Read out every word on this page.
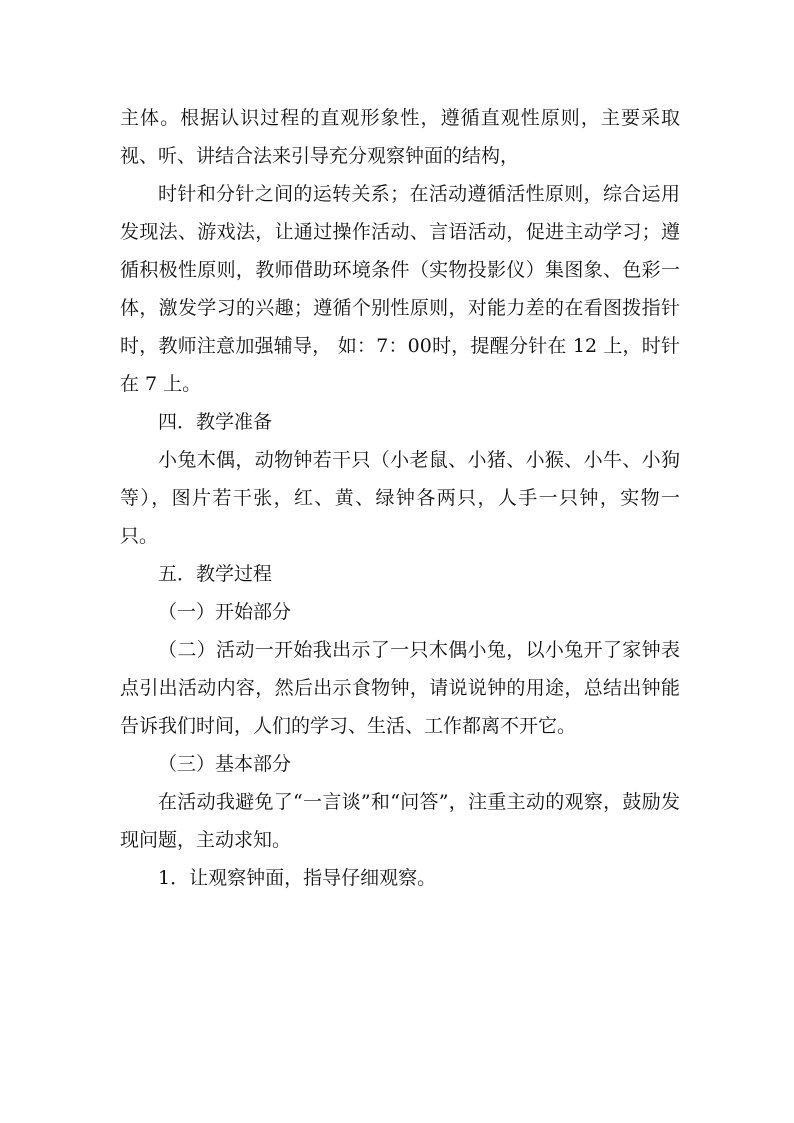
主体。根据认识过程的直观形象性，遵循直观性原则，主要采取视、听、讲结合法来引导充分观察钟面的结构，

时针和分针之间的运转关系；在活动遵循活性原则，综合运用发现法、游戏法，让通过操作活动、言语活动，促进主动学习；遵循积极性原则，教师借助环境条件（实物投影仪）集图象、色彩一体，激发学习的兴趣；遵循个别性原则，对能力差的在看图拨指针时，教师注意加强辅导， 如：7：00时，提醒分针在 12 上，时针在 7 上。

四．教学准备

小兔木偶，动物钟若干只（小老鼠、小猪、小猴、小牛、小狗等），图片若干张，红、黄、绿钟各两只，人手一只钟，实物一只。

五．教学过程

（一）开始部分

（二）活动一开始我出示了一只木偶小兔，以小兔开了家钟表点引出活动内容，然后出示食物钟，请说说钟的用途，总结出钟能告诉我们时间，人们的学习、生活、工作都离不开它。

（三）基本部分

在活动我避免了“一言谈”和“问答”，注重主动的观察，鼓励发现问题，主动求知。

1．让观察钟面，指导仔细观察。
